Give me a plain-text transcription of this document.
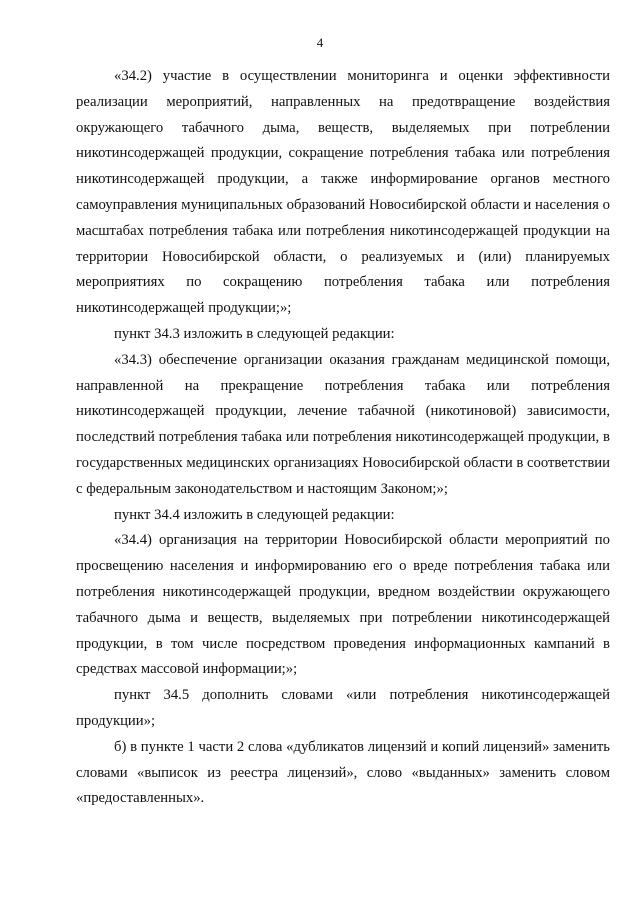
4

«34.2) участие в осуществлении мониторинга и оценки эффективности реализации мероприятий, направленных на предотвращение воздействия окружающего табачного дыма, веществ, выделяемых при потреблении никотинсодержащей продукции, сокращение потребления табака или потребления никотинсодержащей продукции, а также информирование органов местного самоуправления муниципальных образований Новосибирской области и населения о масштабах потребления табака или потребления никотинсодержащей продукции на территории Новосибирской области, о реализуемых и (или) планируемых мероприятиях по сокращению потребления табака или потребления никотинсодержащей продукции;»;

пункт 34.3 изложить в следующей редакции:

«34.3) обеспечение организации оказания гражданам медицинской помощи, направленной на прекращение потребления табака или потребления никотинсодержащей продукции, лечение табачной (никотиновой) зависимости, последствий потребления табака или потребления никотинсодержащей продукции, в государственных медицинских организациях Новосибирской области в соответствии с федеральным законодательством и настоящим Законом;»;

пункт 34.4 изложить в следующей редакции:

«34.4) организация на территории Новосибирской области мероприятий по просвещению населения и информированию его о вреде потребления табака или потребления никотинсодержащей продукции, вредном воздействии окружающего табачного дыма и веществ, выделяемых при потреблении никотинсодержащей продукции, в том числе посредством проведения информационных кампаний в средствах массовой информации;»;

пункт 34.5 дополнить словами «или потребления никотинсодержащей продукции»;

б) в пункте 1 части 2 слова «дубликатов лицензий и копий лицензий» заменить словами «выписок из реестра лицензий», слово «выданных» заменить словом «предоставленных».
